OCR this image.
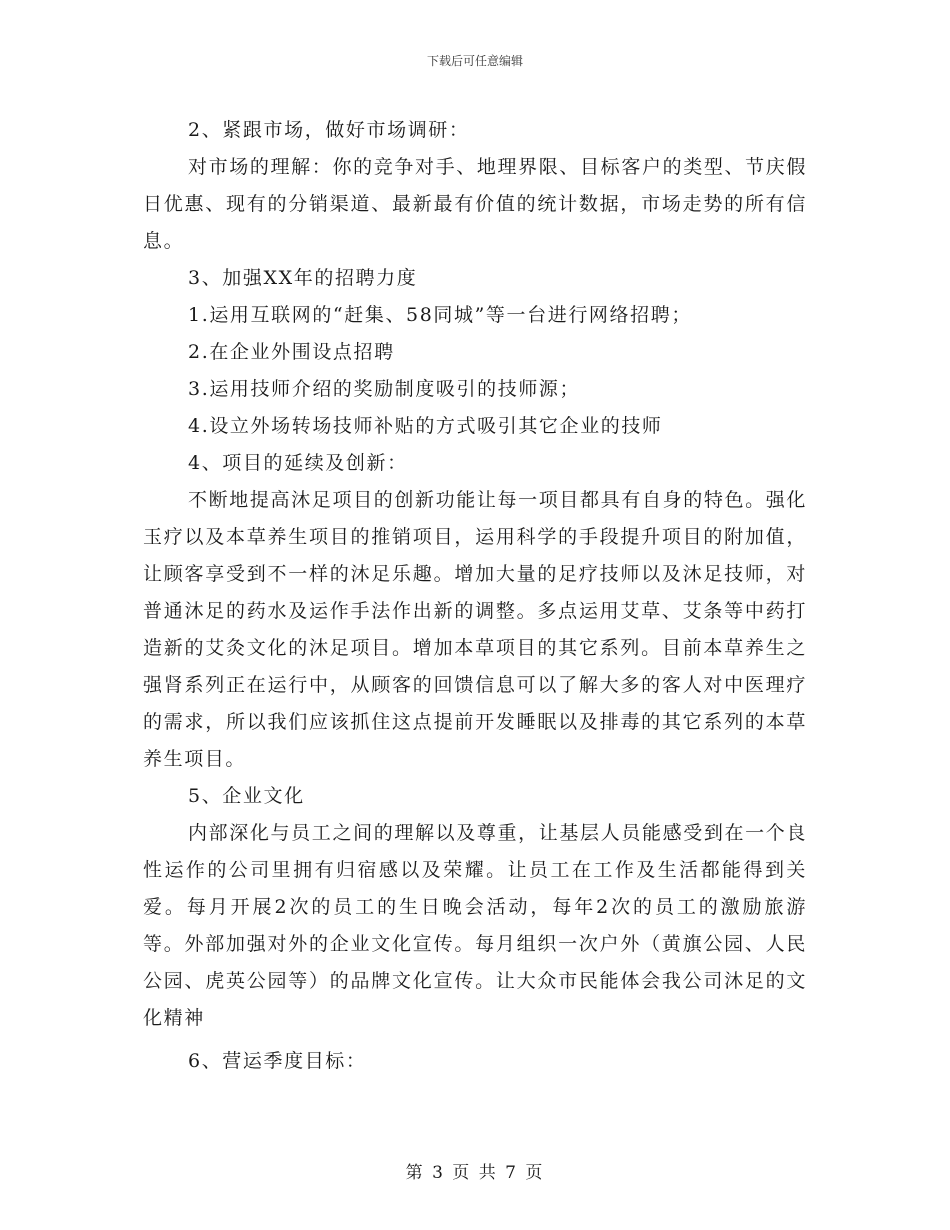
下载后可任意编辑

2、紧跟市场，做好市场调研：

对市场的理解：你的竞争对手、地理界限、目标客户的类型、节庆假日优惠、现有的分销渠道、最新最有价值的统计数据，市场走势的所有信息。

3、加强XX年的招聘力度

1.运用互联网的“赶集、58同城”等一台进行网络招聘；

2.在企业外围设点招聘

3.运用技师介绍的奖励制度吸引的技师源；

4.设立外场转场技师补贴的方式吸引其它企业的技师

4、项目的延续及创新：

不断地提高沐足项目的创新功能让每一项目都具有自身的特色。强化玉疗以及本草养生项目的推销项目，运用科学的手段提升项目的附加值，让顾客享受到不一样的沐足乐趣。增加大量的足疗技师以及沐足技师，对普通沐足的药水及运作手法作出新的调整。多点运用艾草、艾条等中药打造新的艾灸文化的沐足项目。增加本草项目的其它系列。目前本草养生之强肾系列正在运行中，从顾客的回馈信息可以了解大多的客人对中医理疗的需求，所以我们应该抓住这点提前开发睡眠以及排毒的其它系列的本草养生项目。

5、企业文化

内部深化与员工之间的理解以及尊重，让基层人员能感受到在一个良性运作的公司里拥有归宿感以及荣耀。让员工在工作及生活都能得到关爱。每月开展2次的员工的生日晚会活动，每年2次的员工的激励旅游等。外部加强对外的企业文化宣传。每月组织一次户外（黄旗公园、人民公园、虎英公园等）的品牌文化宣传。让大众市民能体会我公司沐足的文化精神

6、营运季度目标：

第 3 页 共 7 页
